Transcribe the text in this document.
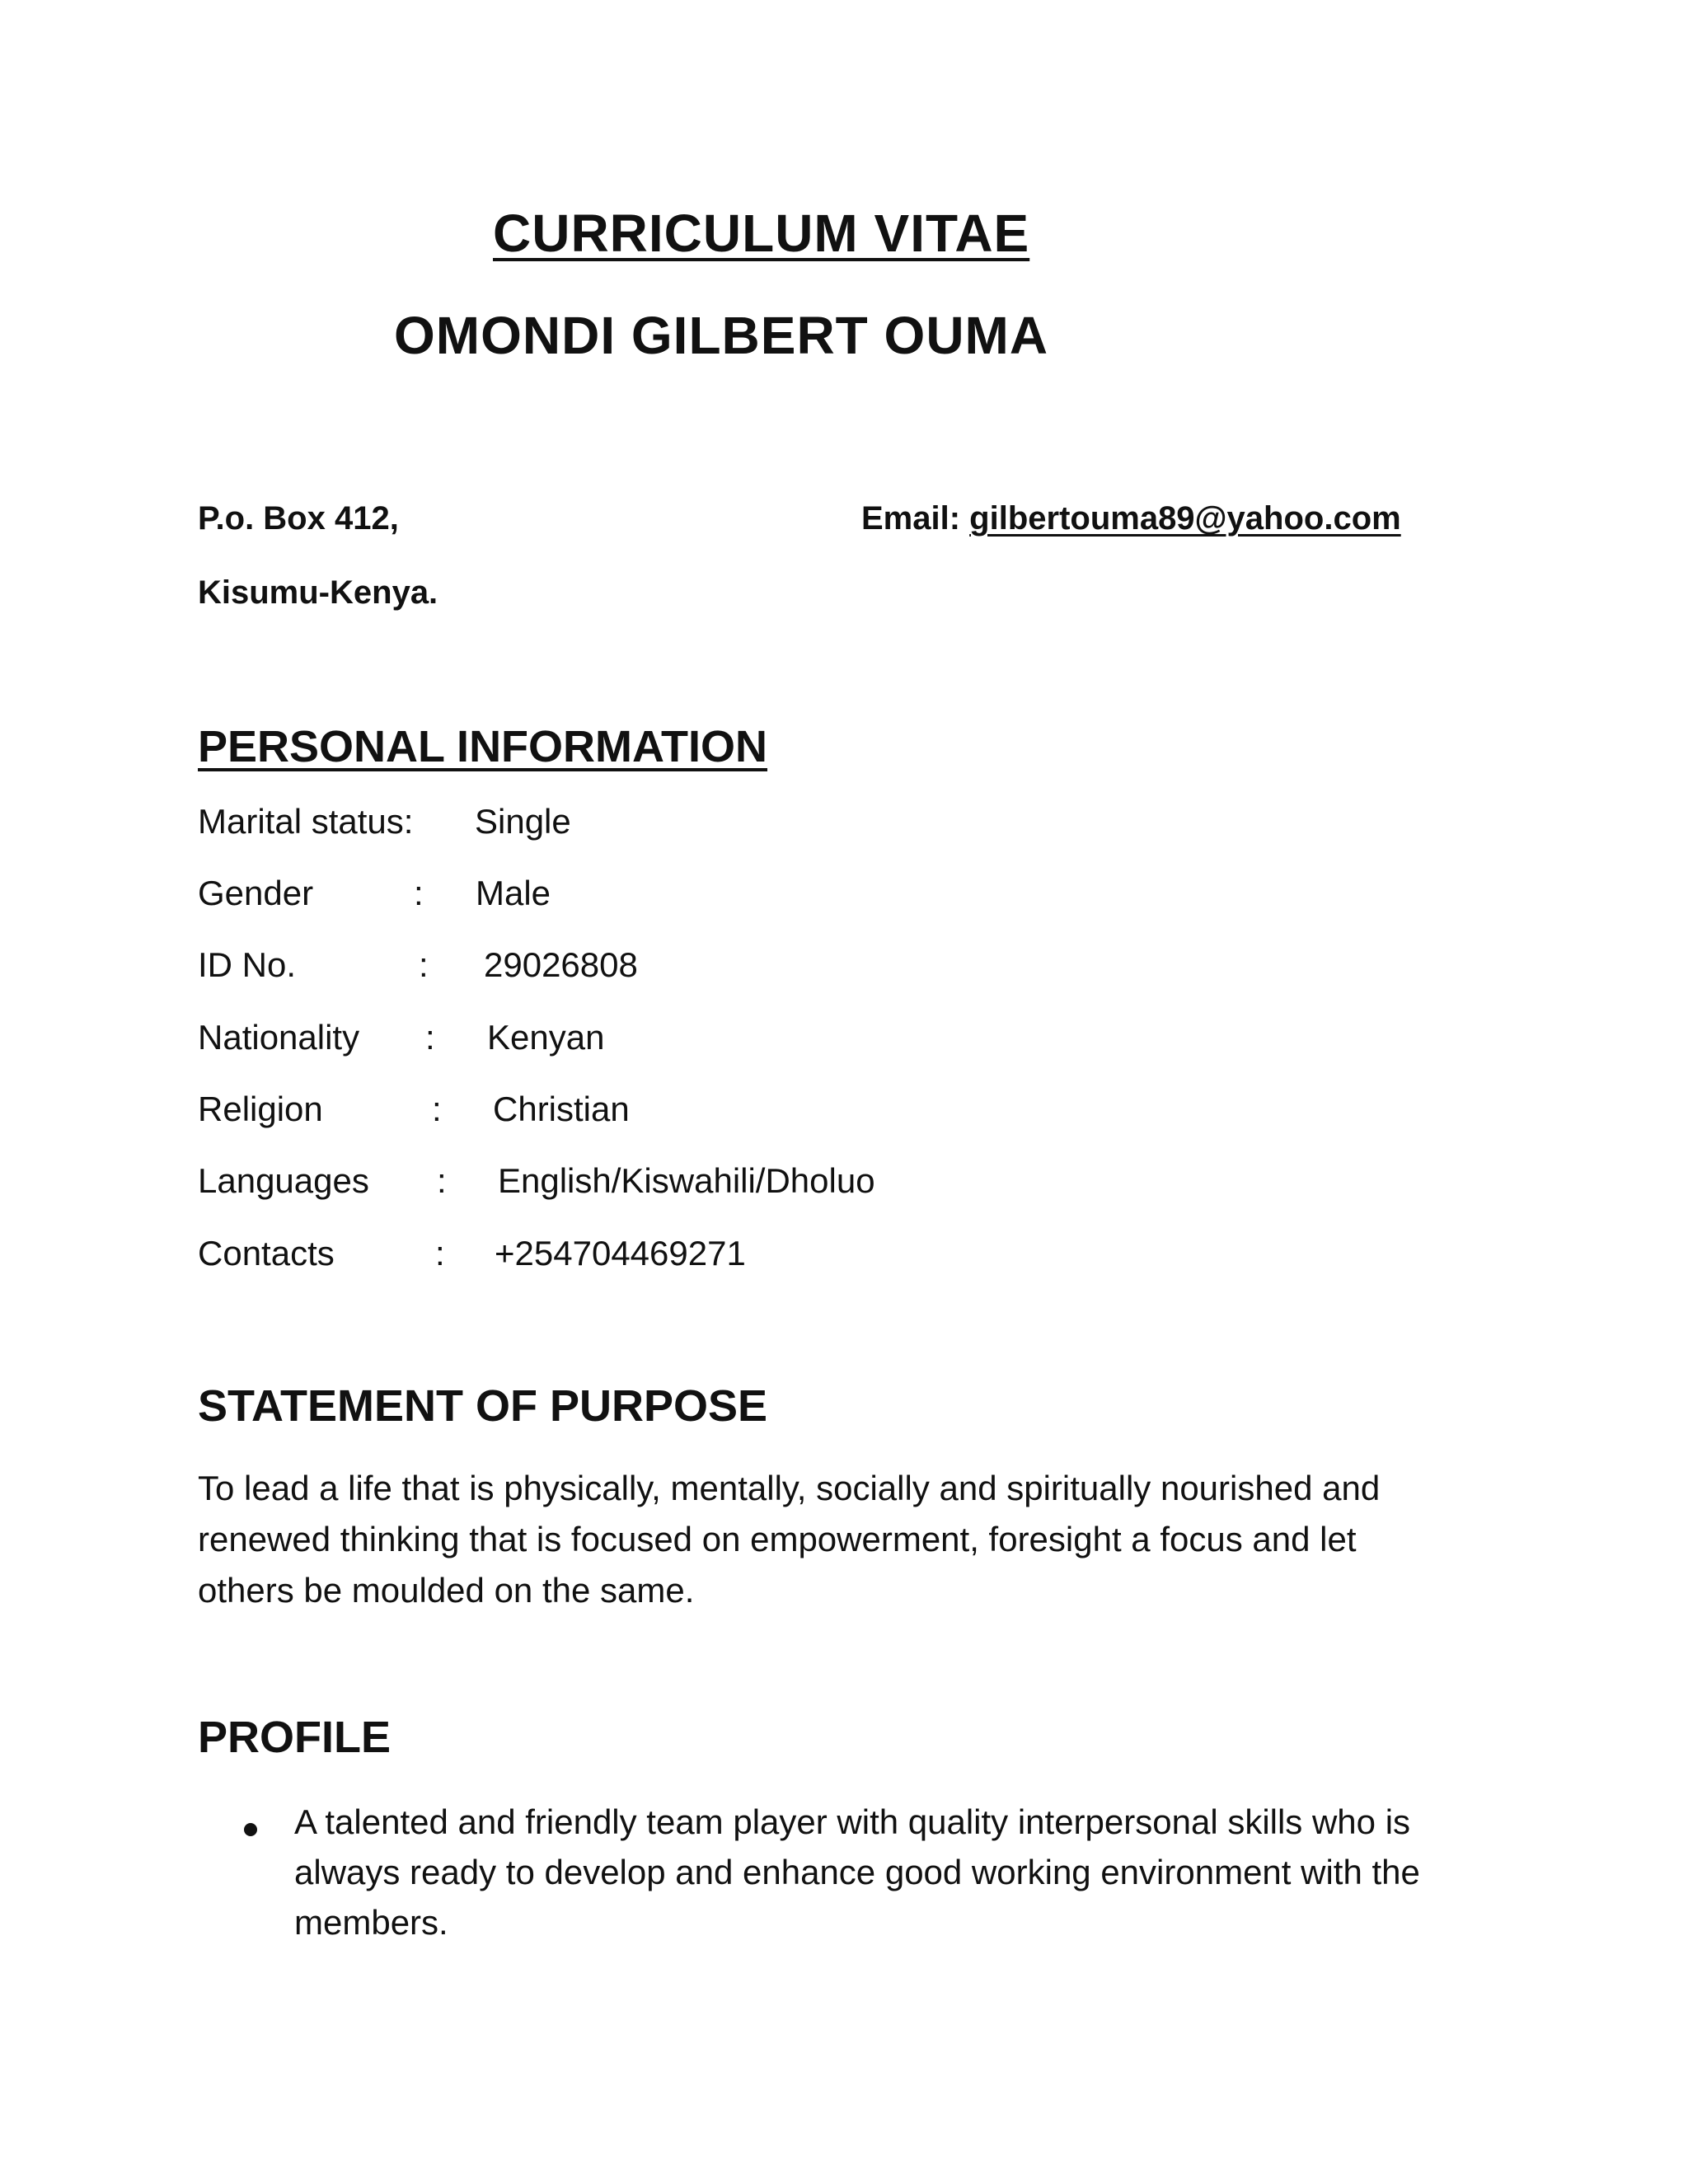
CURRICULUM VITAE
OMONDI GILBERT OUMA
P.o. Box 412,
Kisumu-Kenya.
Email: gilbertouma89@yahoo.com
PERSONAL INFORMATION
Marital status: Single
Gender	: Male
ID No.	: 29026808
Nationality : Kenyan
Religion	: Christian
Languages : English/Kiswahili/Dholuo
Contacts	: +254704469271
STATEMENT OF PURPOSE
To lead a life that is physically, mentally, socially and spiritually nourished and
renewed thinking that is focused on empowerment, foresight a focus and let
others be moulded on the same.
PROFILE
A talented and friendly team player with quality interpersonal skills who is
always ready to develop and enhance good working environment with the
members.
